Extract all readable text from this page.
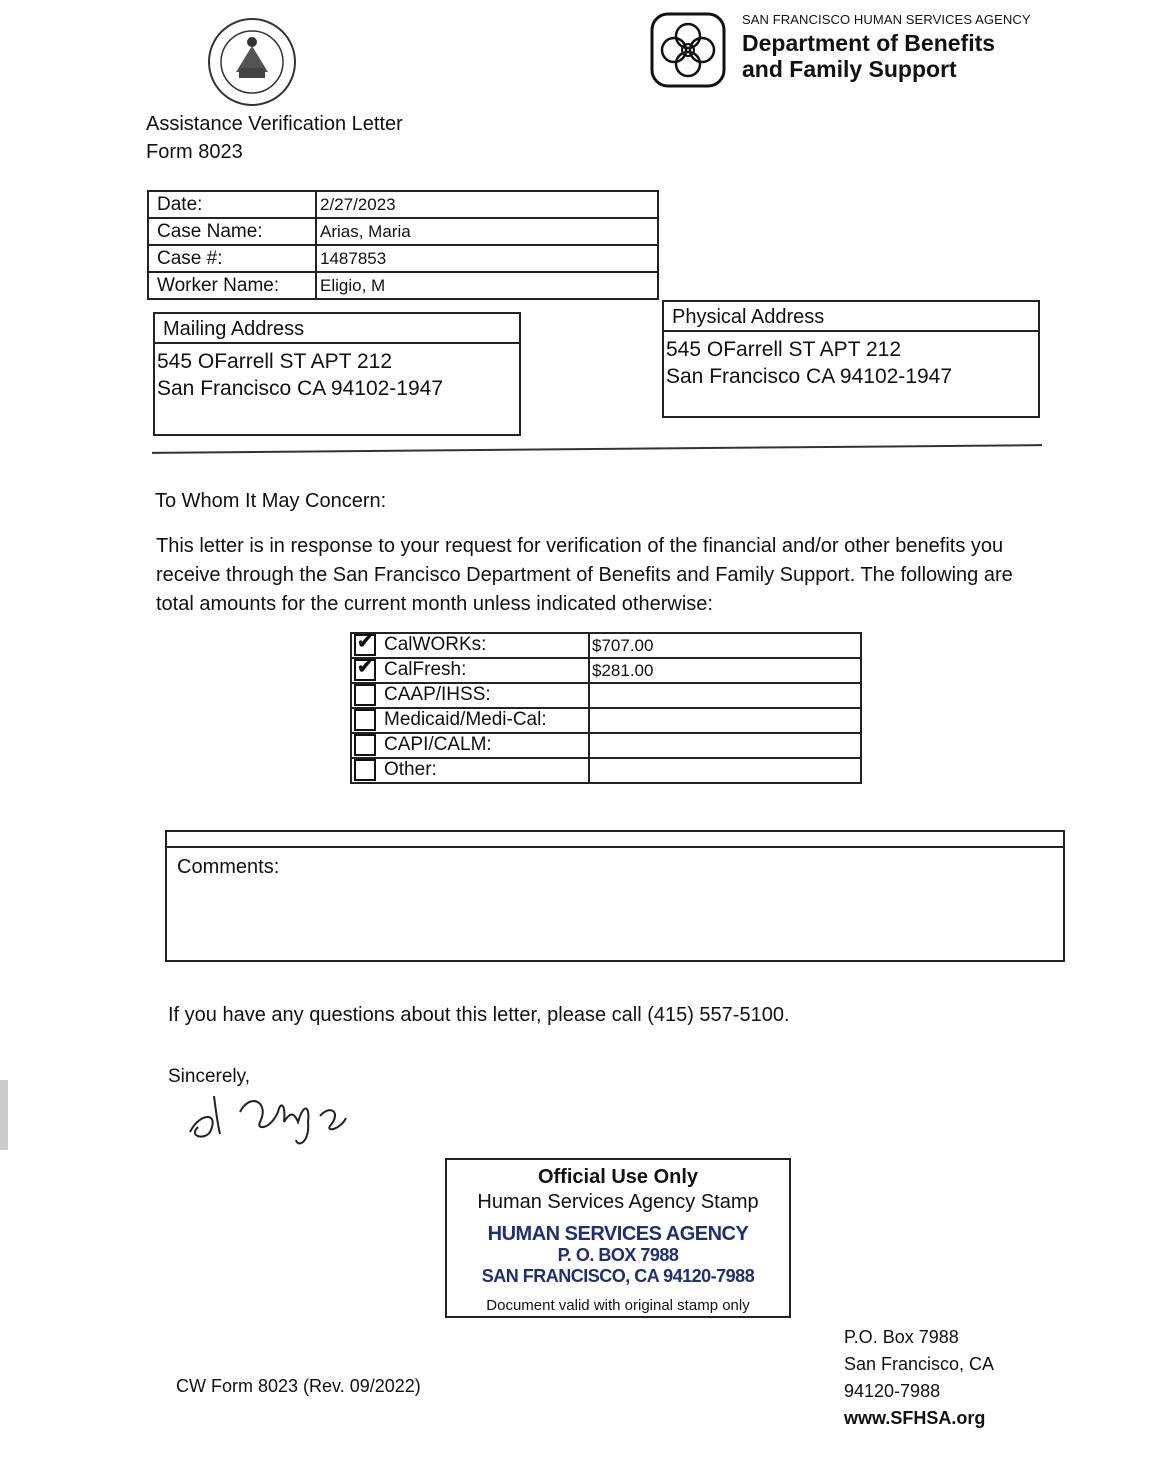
SAN FRANCISCO HUMAN SERVICES AGENCY
Department of Benefits
and Family Support
Assistance Verification Letter
Form 8023
Date:	2/27/2023
Case Name:	Arias, Maria
Case #:	1487853
Worker Name:	Eligio, M
Mailing Address
545 OFarrell ST APT 212
San Francisco CA 94102-1947
Physical Address
545 OFarrell ST APT 212
San Francisco CA 94102-1947
To Whom It May Concern:
This letter is in response to your request for verification of the financial and/or other benefits you receive through the San Francisco Department of Benefits and Family Support. The following are total amounts for the current month unless indicated otherwise:
✔ CalWORKs:	$707.00

✔ CalFresh:	$281.00

CAAP/IHSS:	

Medicaid/Medi-Cal:	

CAPI/CALM:	

Other:	
Comments:
If you have any questions about this letter, please call (415) 557-5100.
Sincerely,
Official Use Only
Human Services Agency Stamp
HUMAN SERVICES AGENCY
P. O. BOX 7988
SAN FRANCISCO, CA 94120-7988
Document valid with original stamp only
CW Form 8023 (Rev. 09/2022)
P.O. Box 7988
San Francisco, CA
94120-7988
www.SFHSA.org
